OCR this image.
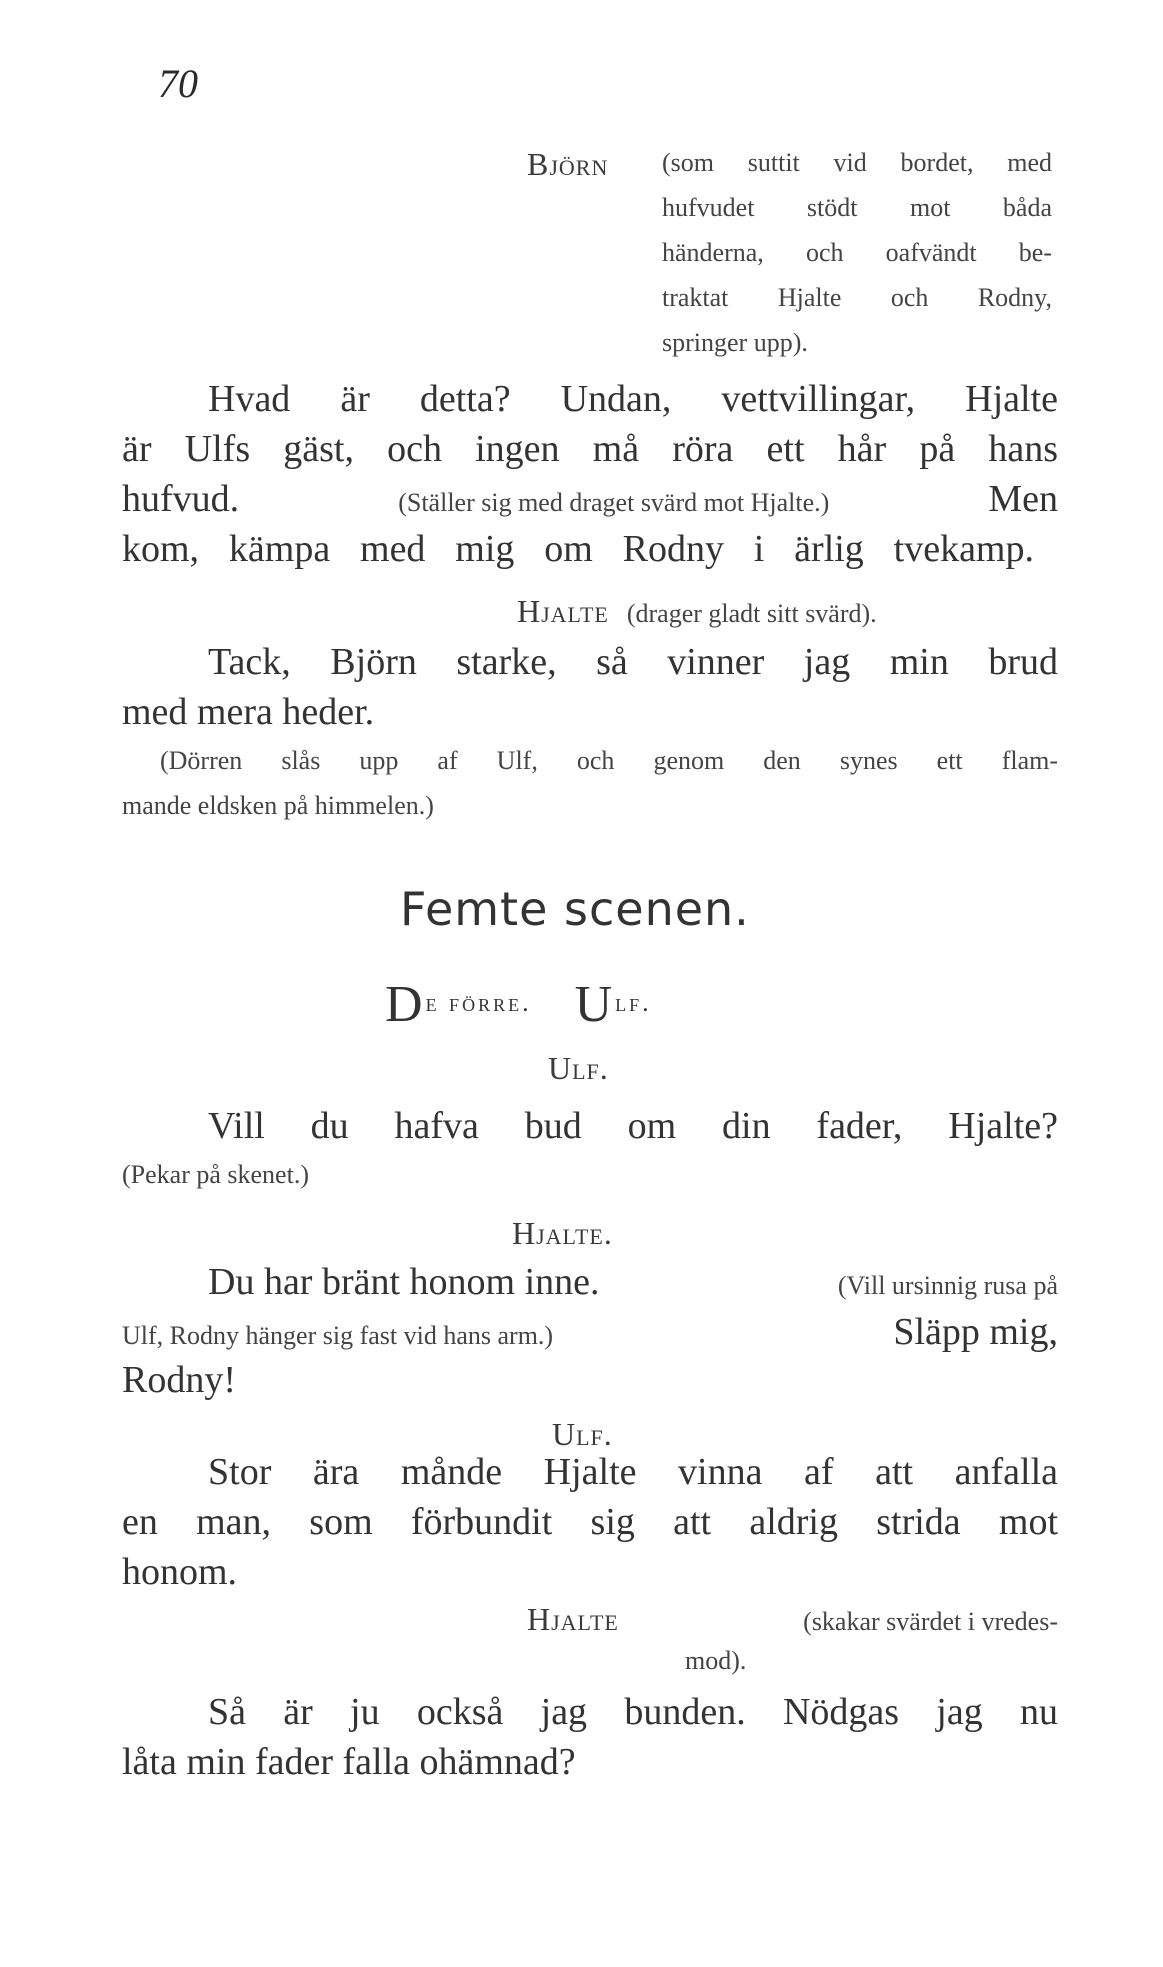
70
Björn (som suttit vid bordet, med
hufvudet stödt mot båda
händerna, och oafvändt be-
traktat Hjalte och Rodny,
springer upp).
Hvad är detta? Undan, vettvillingar, Hjalte
är Ulfs gäst, och ingen må röra ett hår på hans
hufvud.	(Ställer sig med draget svärd mot Hjalte.)	Men
kom, kämpa med mig om Rodny i ärlig tvekamp.
Hjalte (drager gladt sitt svärd).
Tack, Björn starke, så vinner jag min brud
med mera heder.
(Dörren slås upp af Ulf, och genom den synes ett flam-
mande eldsken på himmelen.)
Femte scenen.
De förre. Ulf.
Ulf.
Vill du hafva bud om din fader, Hjalte?
(Pekar på skenet.)
Hjalte.
Du har bränt honom inne.	(Vill ursinnig rusa på
Ulf, Rodny hänger sig fast vid hans arm.)	Släpp mig,
Rodny!
Ulf.
Stor ära månde Hjalte vinna af att anfalla
en man, som förbundit sig att aldrig strida mot
honom.
Hjalte	(skakar svärdet i vredes-
mod).
Så är ju också jag bunden. Nödgas jag nu
låta min fader falla ohämnad?
